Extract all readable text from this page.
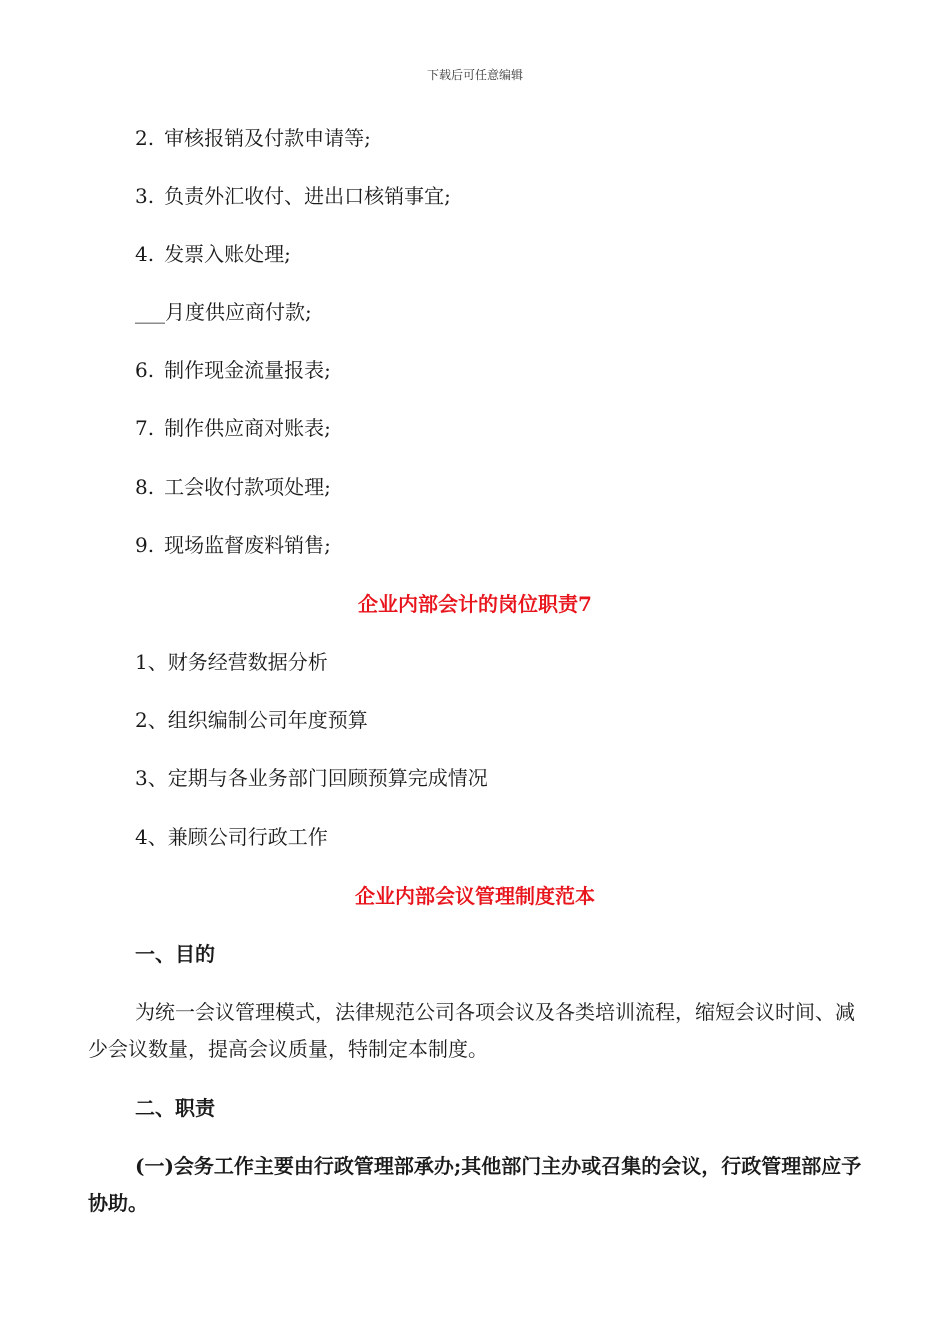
下载后可任意编辑
2. 审核报销及付款申请等;
3. 负责外汇收付、进出口核销事宜;
4. 发票入账处理;
___月度供应商付款;
6. 制作现金流量报表;
7. 制作供应商对账表;
8. 工会收付款项处理;
9. 现场监督废料销售;
企业内部会计的岗位职责7
1、财务经营数据分析
2、组织编制公司年度预算
3、定期与各业务部门回顾预算完成情况
4、兼顾公司行政工作
企业内部会议管理制度范本
一、目的
为统一会议管理模式，法律规范公司各项会议及各类培训流程，缩短会议时间、减少会议数量，提高会议质量，特制定本制度。
二、职责
(一)会务工作主要由行政管理部承办;其他部门主办或召集的会议，行政管理部应予协助。
